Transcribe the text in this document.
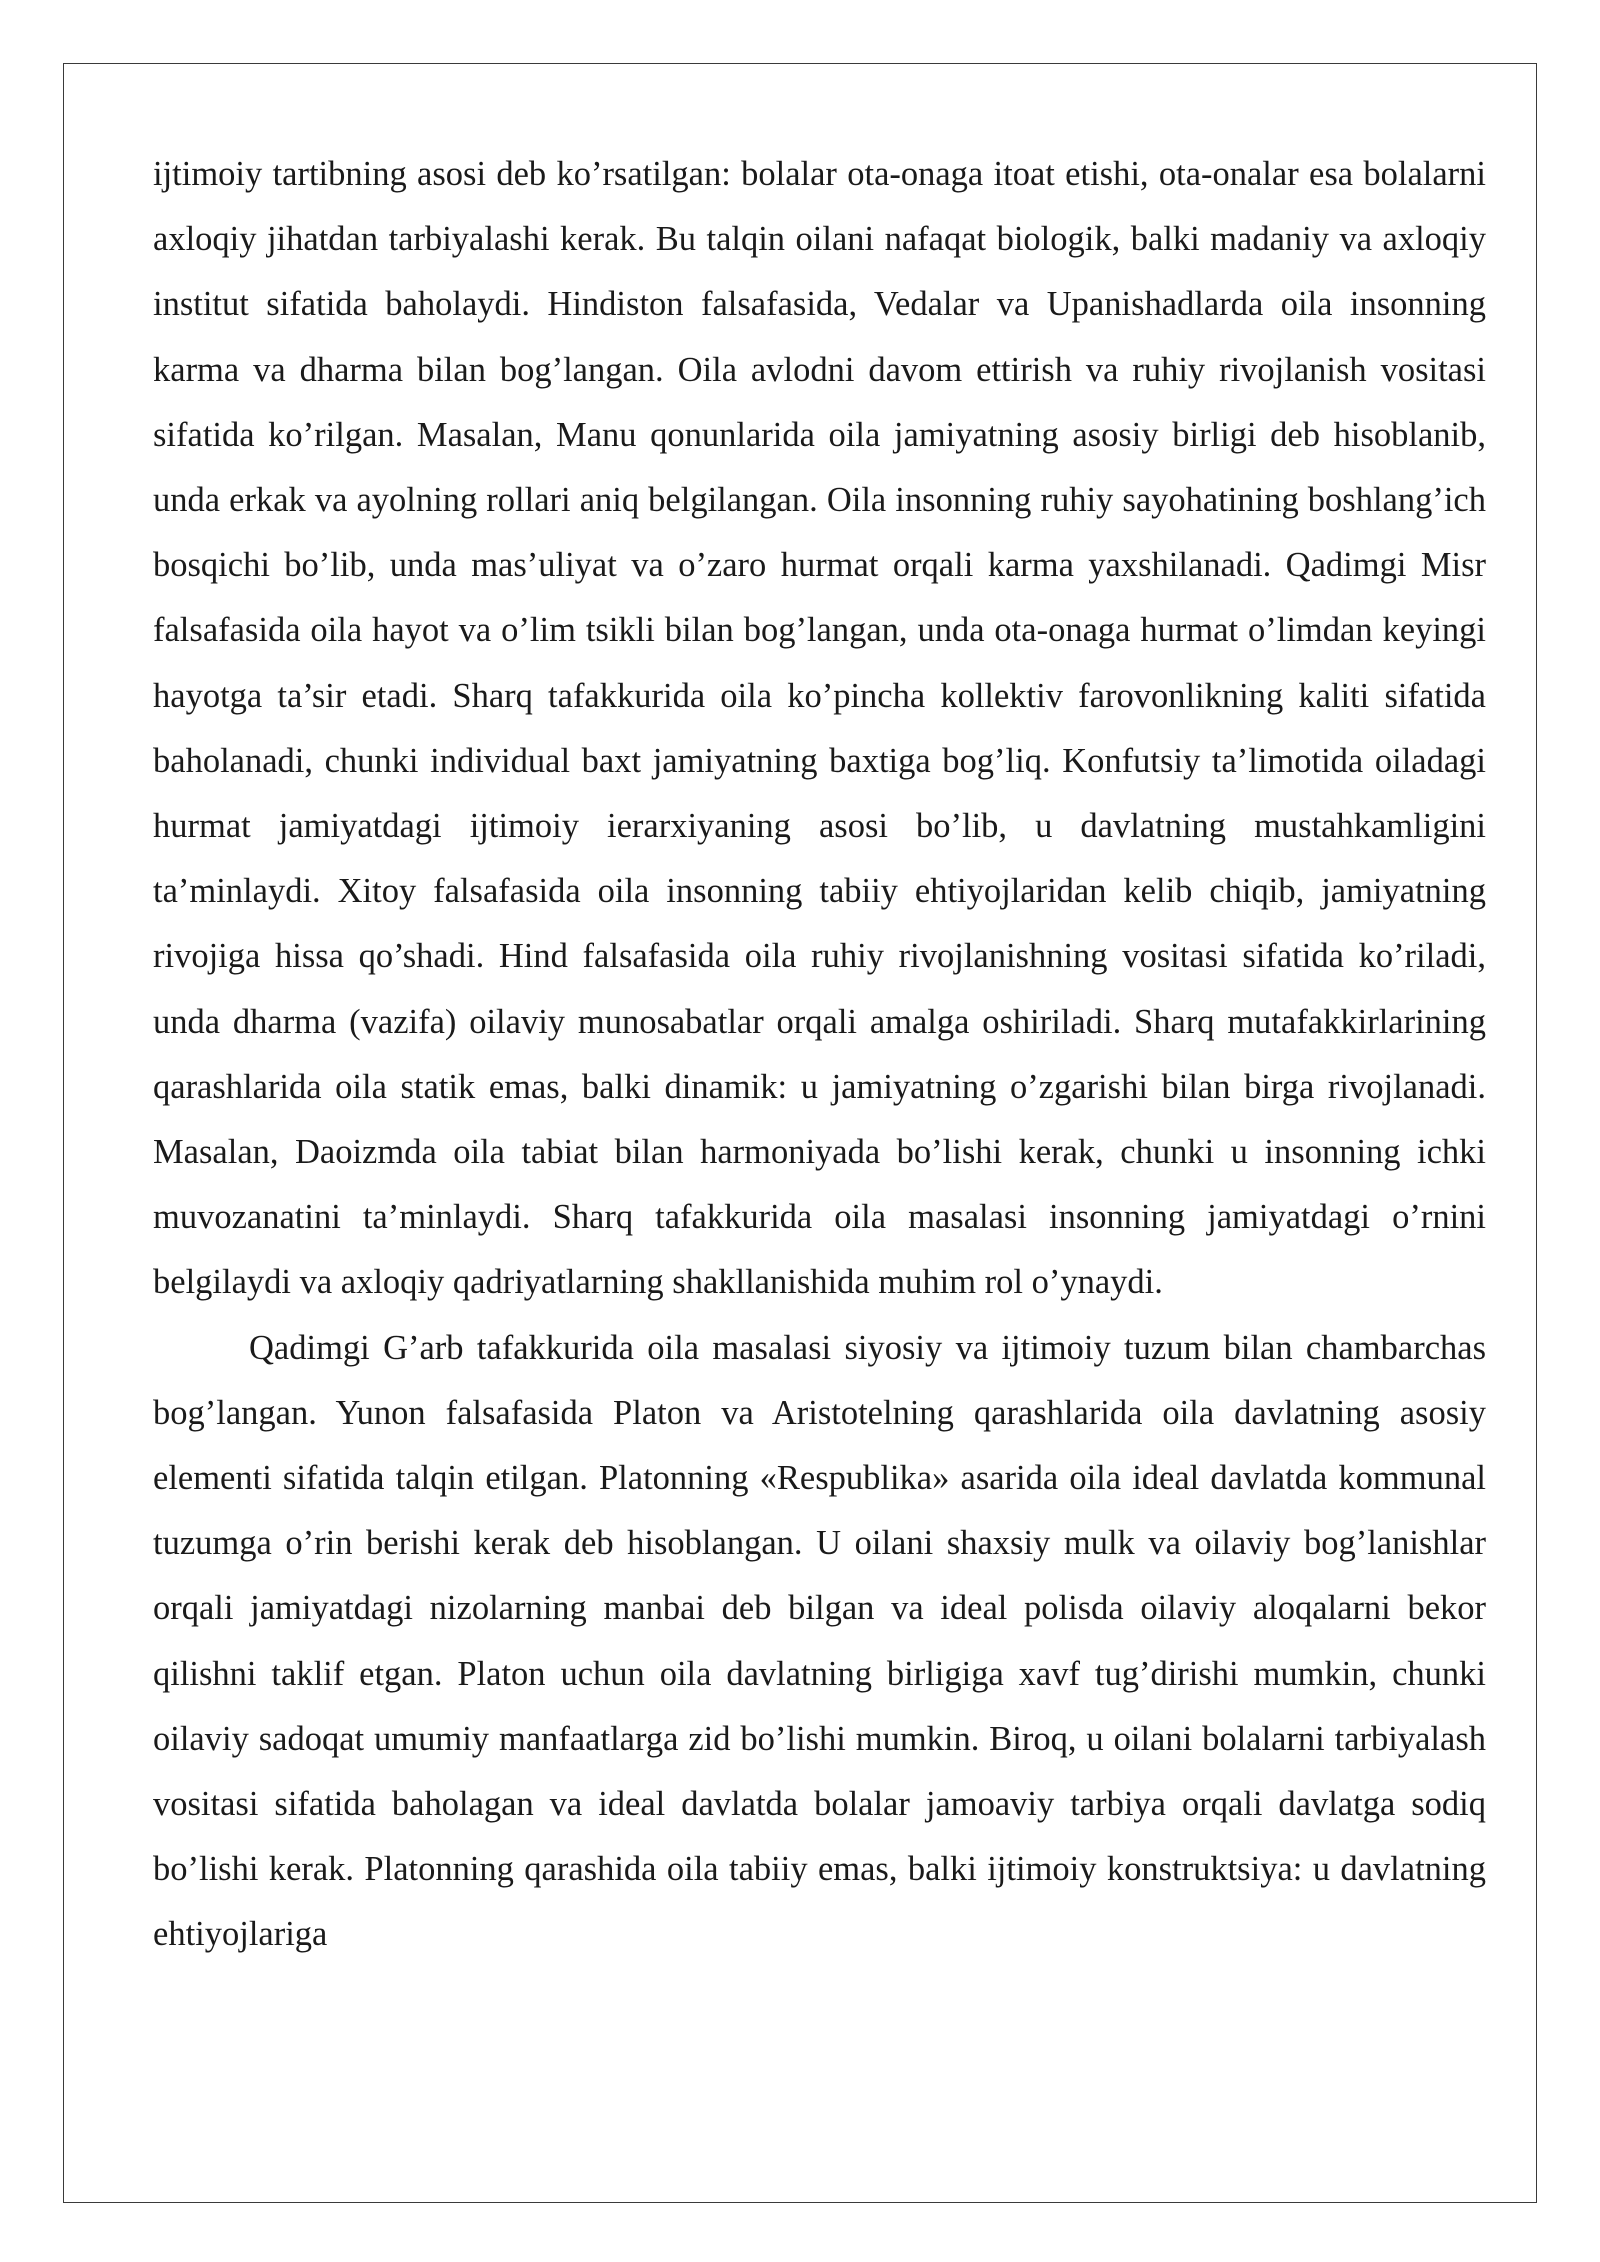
ijtimoiy tartibning asosi deb ko’rsatilgan: bolalar ota-onaga itoat etishi, ota-onalar esa bolalarni axloqiy jihatdan tarbiyalashi kerak. Bu talqin oilani nafaqat biologik, balki madaniy va axloqiy institut sifatida baholaydi. Hindiston falsafasida, Vedalar va Upanishadlarda oila insonning karma va dharma bilan bog’langan. Oila avlodni davom ettirish va ruhiy rivojlanish vositasi sifatida ko’rilgan. Masalan, Manu qonunlarida oila jamiyatning asosiy birligi deb hisoblanib, unda erkak va ayolning rollari aniq belgilangan. Oila insonning ruhiy sayohatining boshlang’ich bosqichi bo’lib, unda mas’uliyat va o’zaro hurmat orqali karma yaxshilanadi. Qadimgi Misr falsafasida oila hayot va o’lim tsikli bilan bog’langan, unda ota-onaga hurmat o’limdan keyingi hayotga ta’sir etadi. Sharq tafakkurida oila ko’pincha kollektiv farovonlikning kaliti sifatida baholanadi, chunki individual baxt jamiyatning baxtiga bog’liq. Konfutsiy ta’limotida oiladagi hurmat jamiyatdagi ijtimoiy ierarxiyaning asosi bo’lib, u davlatning mustahkamligini ta’minlaydi. Xitoy falsafasida oila insonning tabiiy ehtiyojlaridan kelib chiqib, jamiyatning rivojiga hissa qo’shadi. Hind falsafasida oila ruhiy rivojlanishning vositasi sifatida ko’riladi, unda dharma (vazifa) oilaviy munosabatlar orqali amalga oshiriladi. Sharq mutafakkirlarining qarashlarida oila statik emas, balki dinamik: u jamiyatning o’zgarishi bilan birga rivojlanadi. Masalan, Daoizmda oila tabiat bilan harmoniyada bo’lishi kerak, chunki u insonning ichki muvozanatini ta’minlaydi. Sharq tafakkurida oila masalasi insonning jamiyatdagi o’rnini belgilaydi va axloqiy qadriyatlarning shakllanishida muhim rol o’ynaydi.

Qadimgi G’arb tafakkurida oila masalasi siyosiy va ijtimoiy tuzum bilan chambarchas bog’langan. Yunon falsafasida Platon va Aristotelning qarashlarida oila davlatning asosiy elementi sifatida talqin etilgan. Platonning «Respublika» asarida oila ideal davlatda kommunal tuzumga o’rin berishi kerak deb hisoblangan. U oilani shaxsiy mulk va oilaviy bog’lanishlar orqali jamiyatdagi nizolarning manbai deb bilgan va ideal polisda oilaviy aloqalarni bekor qilishni taklif etgan. Platon uchun oila davlatning birligiga xavf tug’dirishi mumkin, chunki oilaviy sadoqat umumiy manfaatlarga zid bo’lishi mumkin. Biroq, u oilani bolalarni tarbiyalash vositasi sifatida baholagan va ideal davlatda bolalar jamoaviy tarbiya orqali davlatga sodiq bo’lishi kerak. Platonning qarashida oila tabiiy emas, balki ijtimoiy konstruktsiya: u davlatning ehtiyojlariga
